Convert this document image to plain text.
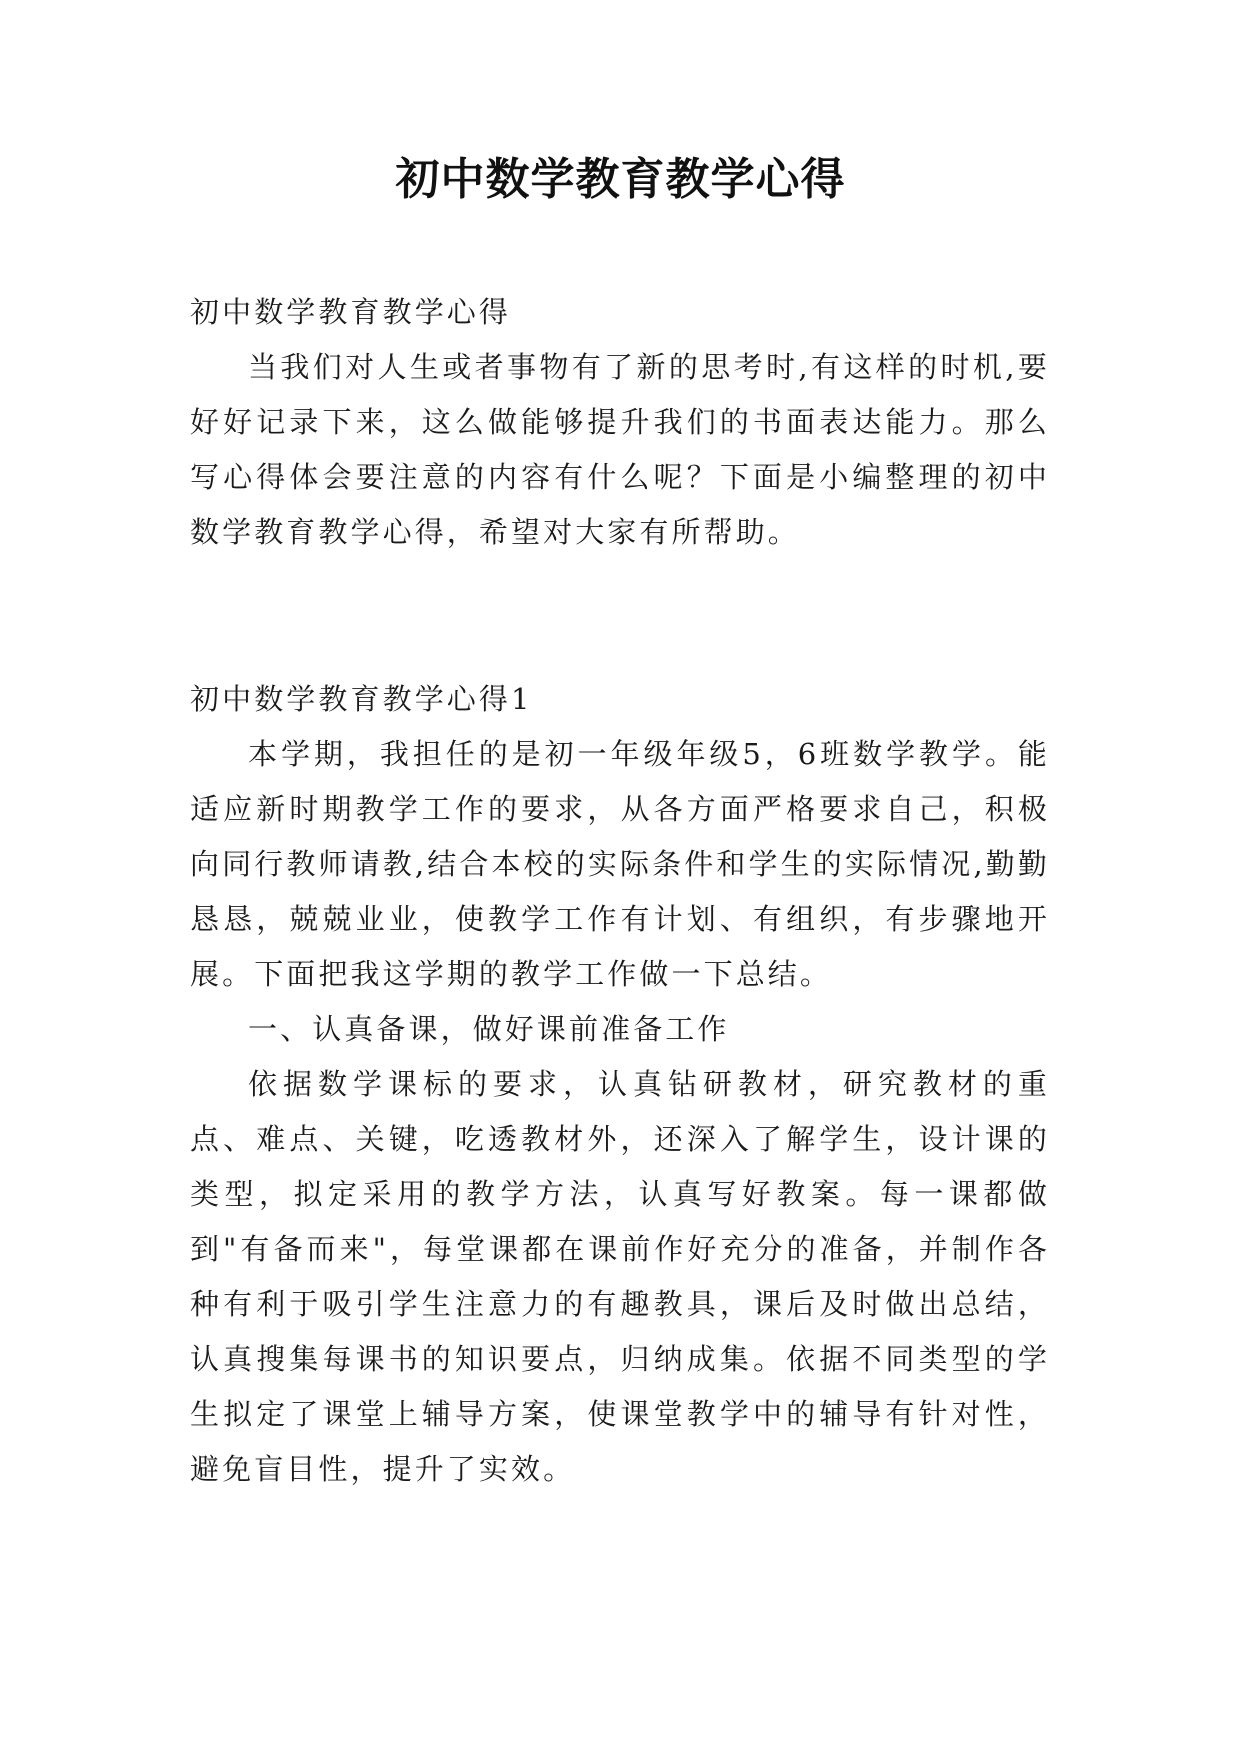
初中数学教育教学心得

初中数学教育教学心得

当我们对人生或者事物有了新的思考时,有这样的时机,要好好记录下来，这么做能够提升我们的书面表达能力。那么写心得体会要注意的内容有什么呢？下面是小编整理的初中数学教育教学心得，希望对大家有所帮助。

初中数学教育教学心得1

本学期，我担任的是初一年级年级5，6班数学教学。能适应新时期教学工作的要求，从各方面严格要求自己，积极向同行教师请教,结合本校的实际条件和学生的实际情况,勤勤恳恳，兢兢业业，使教学工作有计划、有组织，有步骤地开展。下面把我这学期的教学工作做一下总结。

一、认真备课，做好课前准备工作

依据数学课标的要求，认真钻研教材，研究教材的重点、难点、关键，吃透教材外，还深入了解学生，设计课的类型，拟定采用的教学方法，认真写好教案。每一课都做到"有备而来"，每堂课都在课前作好充分的准备，并制作各种有利于吸引学生注意力的有趣教具，课后及时做出总结，认真搜集每课书的知识要点，归纳成集。依据不同类型的学生拟定了课堂上辅导方案，使课堂教学中的辅导有针对性，避免盲目性，提升了实效。
